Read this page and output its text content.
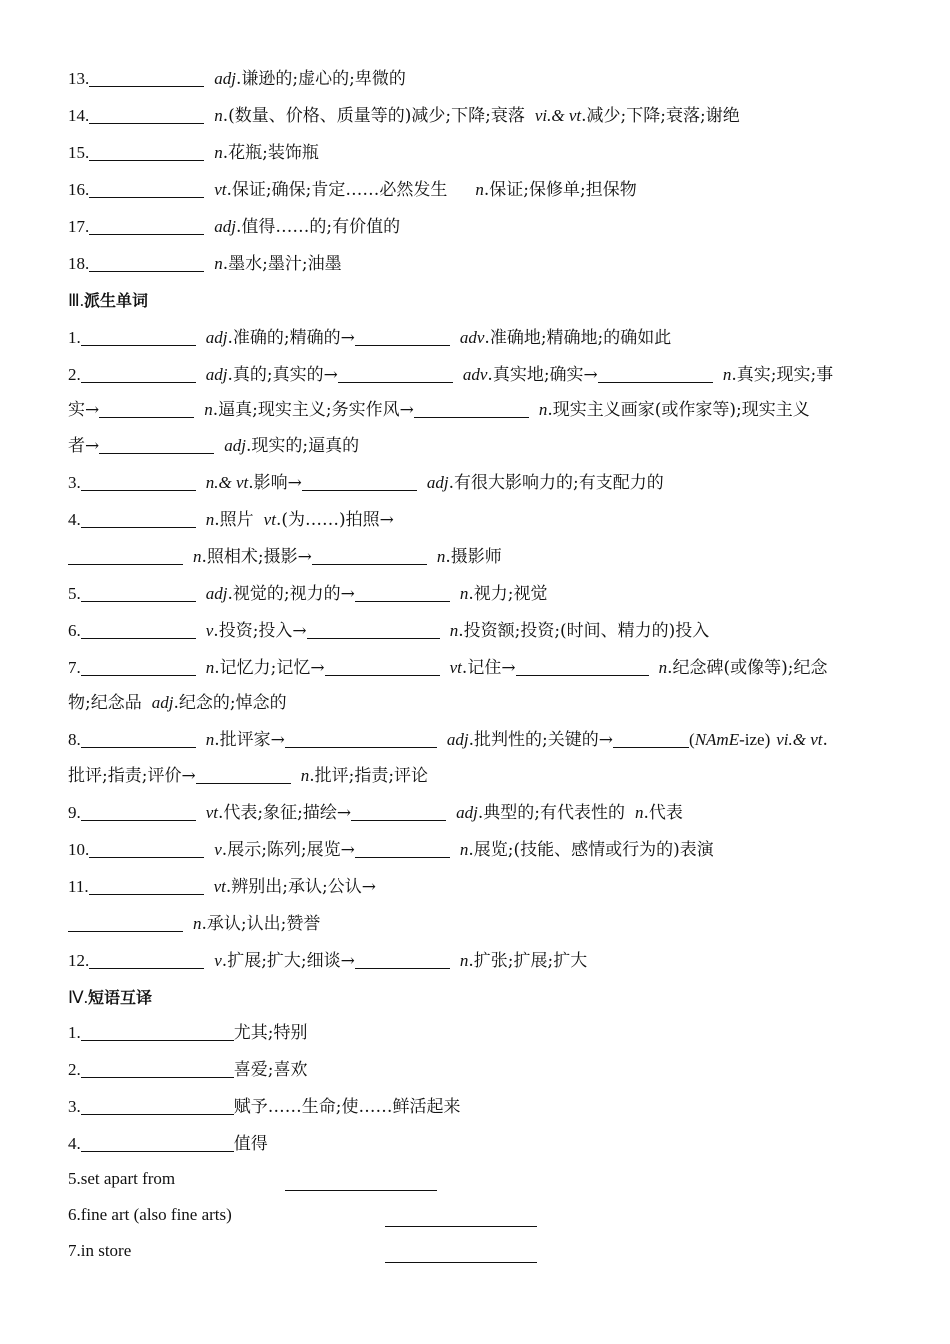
13.	adj.谦逊的;虚心的;卑微的
14.	n.(数量、价格、质量等的)减少;下降;衰落 vi.& vt.减少;下降;衰落;谢绝
15.	n.花瓶;装饰瓶
16.	vt.保证;确保;肯定……必然发生 n.保证;保修单;担保物
17.	adj.值得……的;有价值的
18.	n.墨水;墨汁;油墨
Ⅲ.派生单词
1.	adj.准确的;精确的→	adv.准确地;精确地;的确如此
2.	adj.真的;真实的→	adv.真实地;确实→	n.真实;现实;事
实→	n.逼真;现实主义;务实作风→	n.现实主义画家(或作家等);现实主义
者→	adj.现实的;逼真的
3.	n.& vt.影响→	adj.有很大影响力的;有支配力的
4.	n.照片 vt.(为……)拍照→
n.照相术;摄影→	n.摄影师
5.	adj.视觉的;视力的→	n.视力;视觉
6.	v.投资;投入→	n.投资额;投资;(时间、精力的)投入
7.	n.记忆力;记忆→	vt.记住→	n.纪念碑(或像等);纪念
物;纪念品 adj.纪念的;悼念的
8.	n.批评家→	adj.批判性的;关键的→	(NAmE-ize) vi.& vt.
批评;指责;评价→	n.批评;指责;评论
9.	vt.代表;象征;描绘→	adj.典型的;有代表性的 n.代表
10.	v.展示;陈列;展览→	n.展览;(技能、感情或行为的)表演
11.	vt.辨别出;承认;公认→
n.承认;认出;赞誉
12.	v.扩展;扩大;细谈→	n.扩张;扩展;扩大
Ⅳ.短语互译
1.	尤其;特别
2.	喜爱;喜欢
3.	赋予……生命;使……鲜活起来
4.	值得
5.set apart from
6.fine art (also fine arts)
7.in store
